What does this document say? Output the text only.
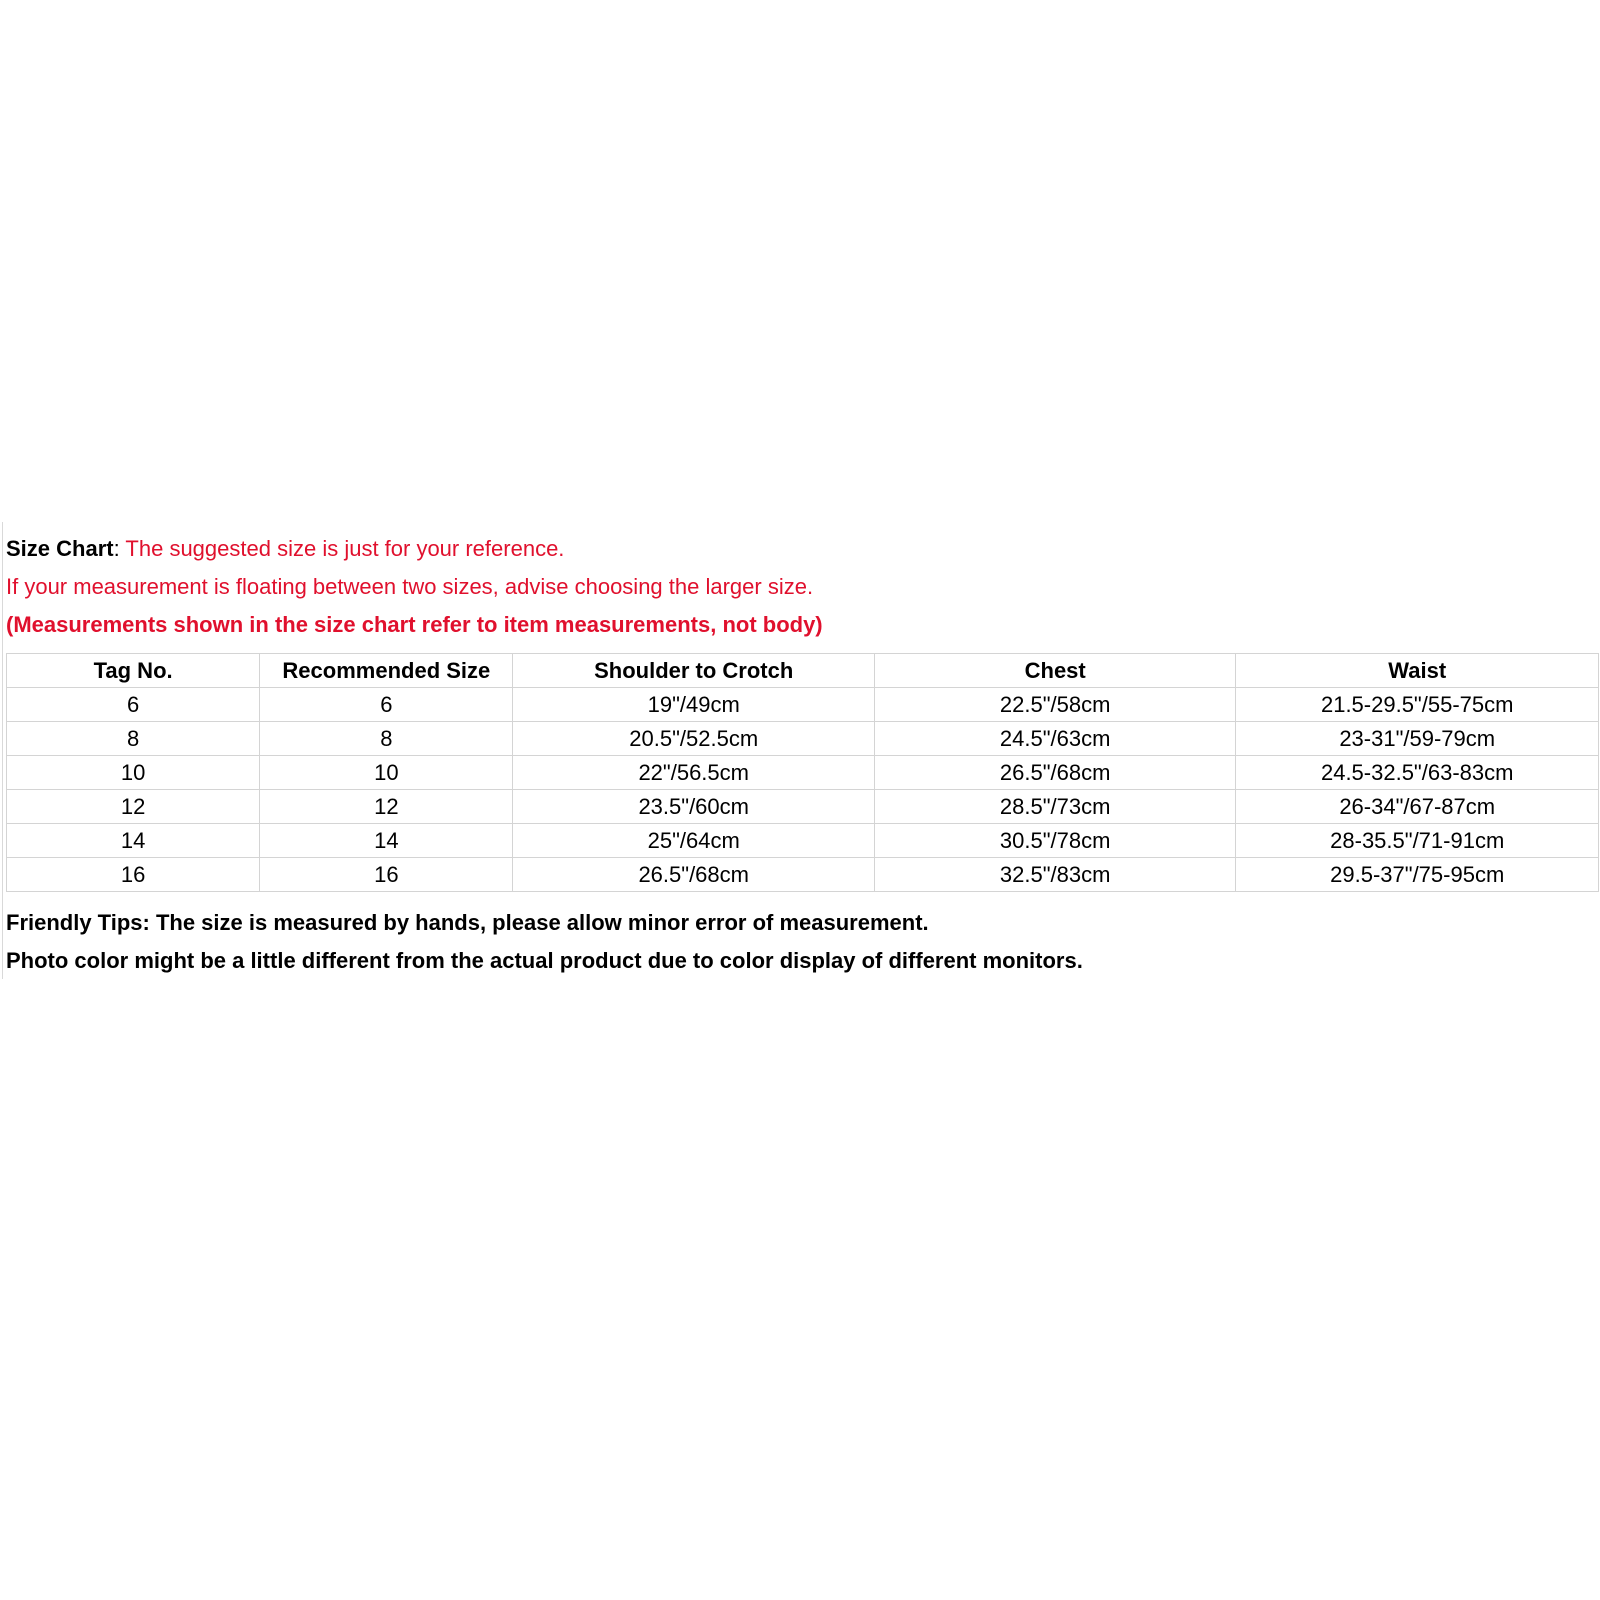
Size Chart: The suggested size is just for your reference.
If your measurement is floating between two sizes, advise choosing the larger size.
(Measurements shown in the size chart refer to item measurements, not body)
Tag No.	Recommended Size	Shoulder to Crotch	Chest	Waist
6	6	19"/49cm	22.5"/58cm	21.5-29.5"/55-75cm
8	8	20.5"/52.5cm	24.5"/63cm	23-31"/59-79cm
10	10	22"/56.5cm	26.5"/68cm	24.5-32.5"/63-83cm
12	12	23.5"/60cm	28.5"/73cm	26-34"/67-87cm
14	14	25"/64cm	30.5"/78cm	28-35.5"/71-91cm
16	16	26.5"/68cm	32.5"/83cm	29.5-37"/75-95cm
Friendly Tips: The size is measured by hands, please allow minor error of measurement.
Photo color might be a little different from the actual product due to color display of different monitors.
